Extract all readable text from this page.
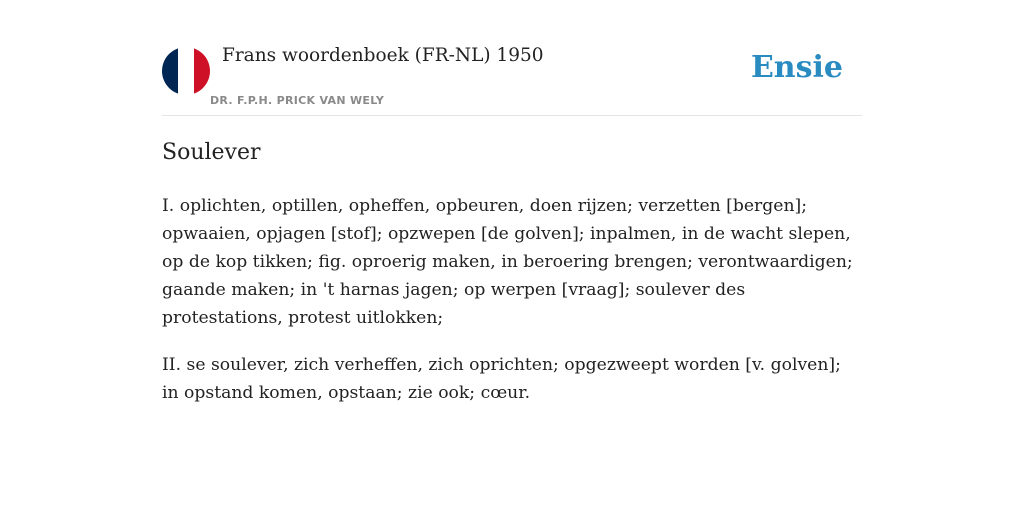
Frans woordenboek (FR-NL) 1950
DR. F.P.H. PRICK VAN WELY
Ensie
Soulever

I. oplichten, optillen, opheffen, opbeuren, doen rijzen; verzetten [bergen]; opwaaien, opjagen [stof]; opzwepen [de golven]; inpalmen, in de wacht slepen, op de kop tikken; fig. oproerig maken, in beroering brengen; verontwaardigen; gaande maken; in 't harnas jagen; op werpen [vraag]; soulever des protestations, protest uitlokken;

II. se soulever, zich verheffen, zich oprichten; opgezweept worden [v. golven]; in opstand komen, opstaan; zie ook; cœur.
